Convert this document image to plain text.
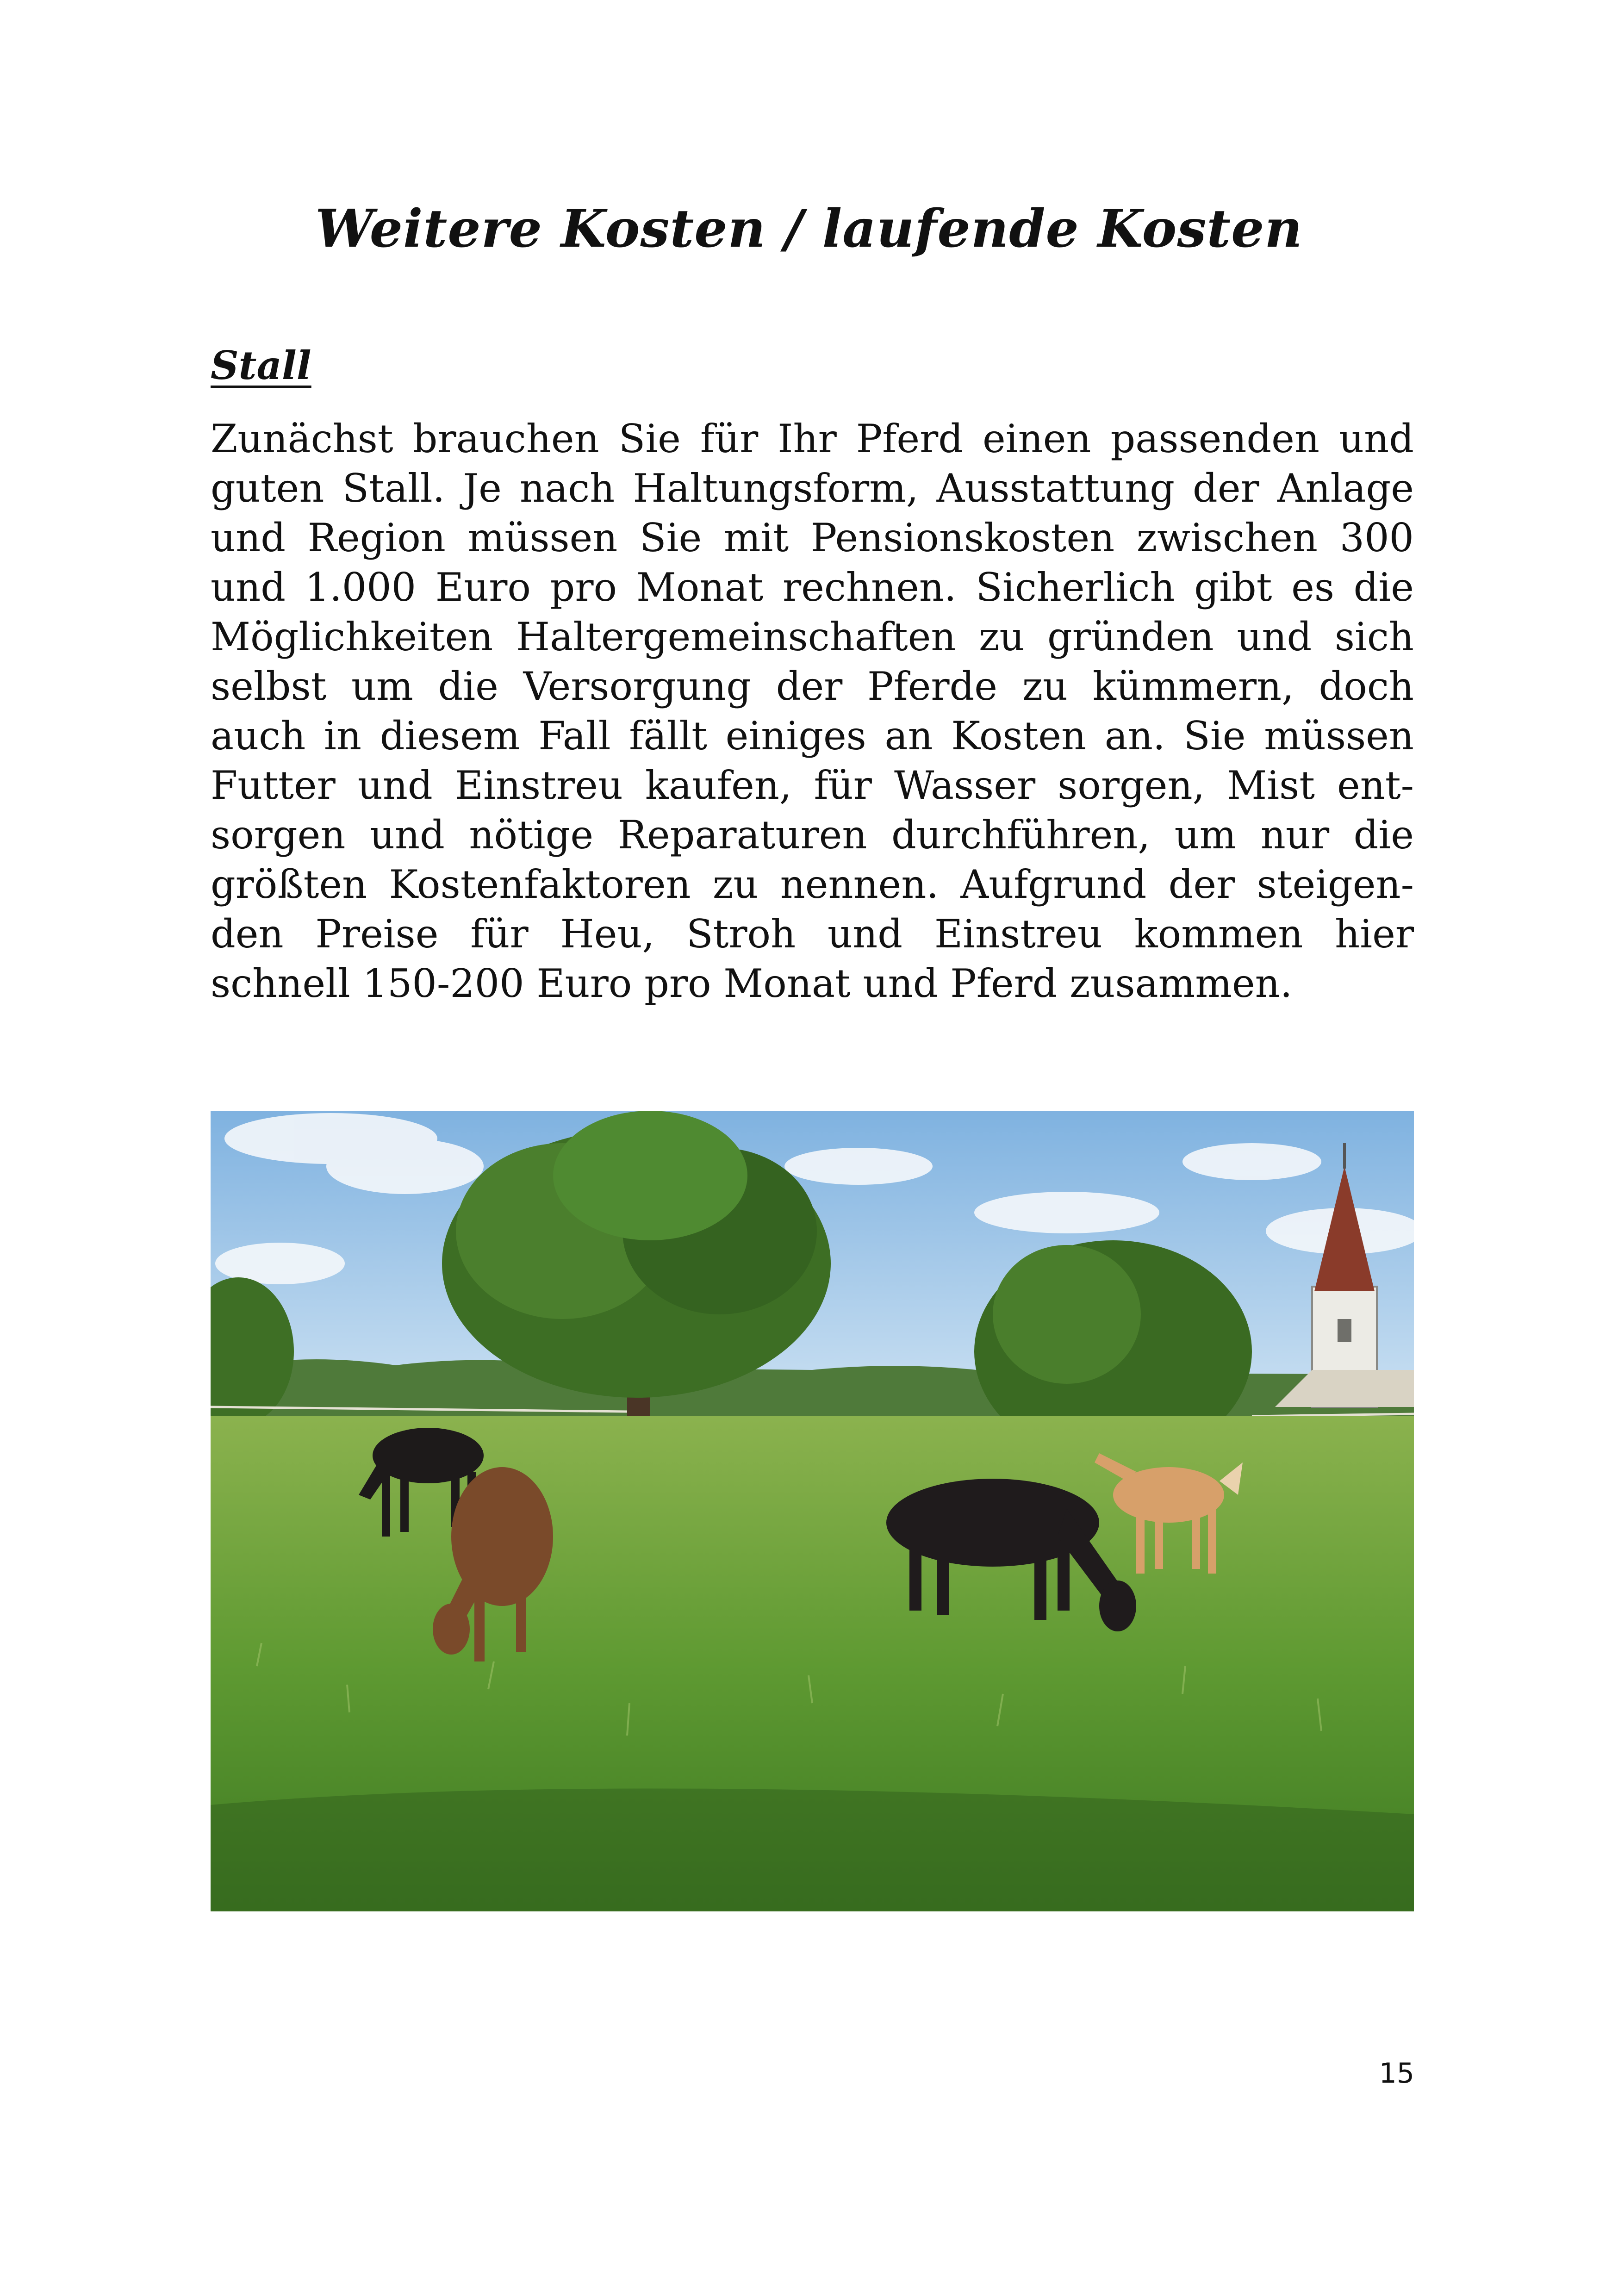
Weitere Kosten / laufende Kosten
Stall
Zunächst brauchen Sie für Ihr Pferd einen passenden und
guten Stall. Je nach Haltungsform, Ausstattung der Anlage
und Region müssen Sie mit Pensionskosten zwischen 300
und 1.000 Euro pro Monat rechnen. Sicherlich gibt es die
Möglichkeiten Haltergemeinschaften zu gründen und sich
selbst um die Versorgung der Pferde zu kümmern, doch
auch in diesem Fall fällt einiges an Kosten an. Sie müssen
Futter und Einstreu kaufen, für Wasser sorgen, Mist ent-
sorgen und nötige Reparaturen durchführen, um nur die
größten Kostenfaktoren zu nennen. Aufgrund der steigen-
den Preise für Heu, Stroh und Einstreu kommen hier
schnell 150-200 Euro pro Monat und Pferd zusammen.
15
